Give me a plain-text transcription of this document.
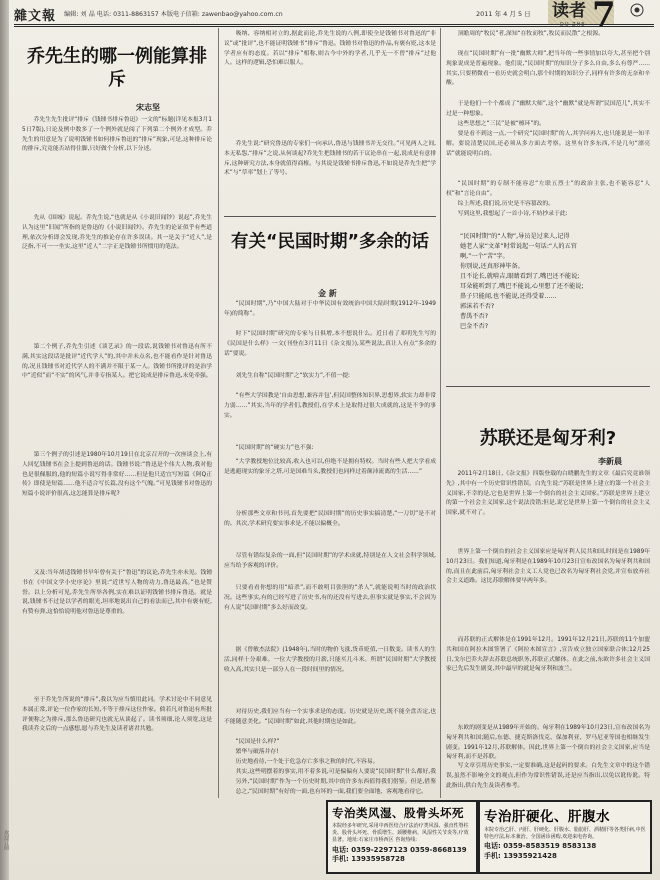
雜文報 编辑: 刘 晶 电话: 0311-8863157 本版电子信箱: zawenbao@yahoo.com.cn	2011 年 4 月 5 日 读者
DU ZHE 7
乔先生的哪一例能算排斥
宋志坚
乔先生先生批评“排斥《钱锺书排斥鲁迅》一文的”标题(详见本报3月15日7版),只论及例中数多了一个例外就是阅了下列第二个例外才成型。乔先生的用意是为了说明钱锺书如何排斥鲁迅的“排斥”现象,可是,这种排斥论的排斥,究竟能否站得住脚,只好做个分析,以下分述。
先从《围城》说起。乔先生说,“也就是从《小说旧闻钞》说起”,乔先生认为这里“旧闻”所指的是鲁迅的《小说旧闻钞》。乔先生的论证似乎有些道理,依次分析即会发现,乔先生的推论存在许多误读。其一是关于“近人”,是泛指,不可一一坐实,这里“近人”二字正是钱锺书所惯用的笔法。
第二个例子,乔先生引述《谈艺录》的一段话,说钱锺书对鲁迅有所不满,其实这段话是批评“近代学人”的,其中并未点名,也不能看作是针对鲁迅的,况且钱锺书对近代学人的不满并不限于某一人。钱锺书所批评的是治学中“近似”而“不实”的风气,并非专指某人。把它说成是排斥鲁迅,未免牵强。
第三个例子的引述是1980年10月19日在北京召开的一次座谈会上,有人回忆钱锺书在会上提到鲁迅的话。钱锺书说:“鲁迅是个伟大人物,我对他也是很佩服的,他的短篇小说写得非常好……但是他只适宜写短篇《阿Q正传》即使是短篇……他不适合写长篇,没有这个气魄。”可见钱锺书对鲁迅的短篇小说评价很高,这怎能算是排斥呢?
又及:当年胡适钱锺书早年曾有关于“鲁迅”的议论,乔先生亦未见。钱锺书在《中国文学小史序论》里说:“近世写人物的功力,鲁迅最高。”也是赞誉。以上分析可见,乔先生所举各例,实在难以证明钱锺书排斥鲁迅。就是说,钱锺书不过是以学者的眼光,坦率地说出自己的看法而已,其中有褒有贬,有赞有弹,这恰恰说明他对鲁迅是尊重的。
至于乔先生所说的“排斥”,我以为应当慎用此词。学术讨论中不同意见本属正常,评论一位作家的长短,不等于排斥这位作家。倘若凡对鲁迅有所批评便称之为排斥,那么鲁迅研究也就无从谈起了。读书须细,论人须宽,这是我读乔文后的一点感想,愿与乔先生及读者诸君共勉。
吸纳、容纳相对立的,据此而论,乔先生说的八例,即使全是钱锺书对鲁迅的“非议”或“批评”,也不能证明钱锺书“排斥”鲁迅。钱锺书对鲁迅的作品,有褒有贬,这本是学者应有的态度。若以“排斥”相称,则古今中外的学者,几乎无一不曾“排斥”过他人。这样的逻辑,恐怕难以服人。
乔先生说:“研究鲁迅的专家们一向承认,鲁迅与钱锺书并无交往。”可见两人之间,本无私怨,“排斥”之说,从何谈起?乔先生把钱锺书的若干议论串在一起,说成是有意排斥,这种研究方法,本身就值得商榷。与其说是钱锺书排斥鲁迅,不如说是乔先生把“学术”与“草率”划上了等号。
有关“民国时期”多余的话
金 新
“民国时期”,乃“中国大陆对于中华民国有效统治中国大陆时期(1912年-1949年)的简称”。
时下“民国时期”研究的专家与日俱增,本不想说什么。近日看了邓明先生写的《民国是什么样》一文(刊登在3月11日《杂文报》),某些说法,真让人有点“多余的话”要说。
刘先生自称“民国时期”之“软实力”,不值一提:
“有些大学国教是‘自由思想,兼容并包’,但民国整体知识界,思想界,软实力却非常力弱……”其实,当年的学者们,教授们,在学术上是取得过很大成就的,这是不争的事实。
“民国时期”的“硬实力”也不强:
“大学教授地位比较高,收入也可以,但绝不是拥有特权。当时有些人把大学看成是逃避现实的象牙之塔,可是国难当头,教授们也同样过着颠沛流离的生活……”
分析那些文章和书刊,首先要把“民国时期”的历史事实搞清楚,“一刀切”是不对的。其次,学术研究要实事求是,不能以偏概全。
尽管有错综复杂的一面,但“民国时期”的学术成就,特别是在人文社会科学领域,应当给予客观的评价。
只要看看你想的用“暗杀”,而不敢明目张胆的“杀人”,就能说明当时的政治状况。这些事实,有的已经写进了历史书,有的还没有写进去,但事实就是事实,不会因为有人说“民国时期”多么好而改变。
据《曾敏杰法院》(1948年),当时的物价飞涨,货币贬值,一日数变。读书人的生活,同样十分艰难。一位大学教授的月薪,只能买几斗米。所谓“民国时期”大学教授收入高,其实只是一部分人在一段时间里的情况。
对待历史,我们应当有一个实事求是的态度。历史就是历史,既不能全盘否定,也不能随意美化。“民国时期”如此,其他时期也是如此。
“民国是什么样?”
繁华与破落并存!
历史地看待,一个处于危急存亡多事之秋的时代,不容易。
其实,这些明摆着的事实,用不着多说,可是偏偏有人要说“民国时期”什么都好,我
另外,“民国时期”作为一个历史时期,其中的许多东西值得我们借鉴。但是,借鉴
总之,“民国时期”有好的一面,也有坏的一面,我们要全面地、客观地看待它。
顶瞻周的“牧民”者,深知“在牧而牧”,牧民而民散”之根源。
现在“民国时期”有一批“幽默大师”,把当年的一些事情加以夸大,甚至把个别现象说成是普遍现象。他们说,“民国时期”的知识分子多么自由,多么有尊严……其实,只要稍微看一看历史就会明白,那个时期的知识分子,同样有许多的无奈和辛酸。
于是他们一个个都成了“幽默大师”,这个“幽默”就是所谓“民国范儿”,其实不过是一种想象。
这些思想之“三民”是被“檩环”的。
要是看不到这一点,一个研究“民国时期”的人,其学问再大,也只能说是一知半解。要说清楚民国,还必须从多方面去考察。这里有许多东西,不是几句“漂亮话”就能说明白的。
“民国时期”的专制不能容忍“左联五烈士”的政治主张,也不能容忍“人权”和“言论自由”。
综上所述,我们说,历史是不容篡改的。
写到这里,我想起了一首小诗,不妨抄录于此:
“民国时期”的“人物”,导员是过来人,记得
她老人家“文革”时常说起一句话:“人的五官
啊,”一个“苦”字。
你别说,还真形神毕备。
且不论长,就啃吉,眼睛看到了,嘴巴还不能说;
耳朵能听到了,嘴巴不能说,心里想了还不能说;
鼻子只能闻,也不能说,还得受着……
郭沫若不否?
曹禺不否?
巴金不否?
苏联还是匈牙利?
李新晨
2011年2月18日,《杂文报》四版登载的白晓鹏先生的文章《最后究竟谁领先》,其中有一个历史常识性错误。白先生说:“苏联是世界上建立的第一个社会主义国家,不幸的是,它也是世界上第一个倒台的社会主义国家。”苏联是世界上建立的第一个社会主义国家,这个说法没错;但是,说它是世界上第一个倒台的社会主义国家,就不对了。
世界上第一个倒台的社会主义国家应是匈牙利人民共和国,时间是在1989年10月23日。我们知道,匈牙利是在1989年10月23日宣布改国名为匈牙利共和国的,而且在此前后,匈牙利社会主义工人党也已改名为匈牙利社会党,并宣布放弃社会主义道路。这比苏联解体要早两年多。
而苏联的正式解体是在1991年12月。1991年12月21日,苏联的11个加盟共和国在阿拉木图签署了《阿拉木图宣言》,宣告成立独立国家联合体;12月25日,戈尔巴乔夫辞去苏联总统职务,苏联正式解体。在此之前,东欧许多社会主义国家已先后发生剧变,其中最早的就是匈牙利和波兰。
东欧的剧变是从1989年开始的。匈牙利在1989年10月23日,宣布改国名为匈牙利共和国;随后,东德、捷克斯洛伐克、保加利亚、罗马尼亚等国也相继发生剧变。1991年12月,苏联解体。因此,世界上第一个倒台的社会主义国家,应当是匈牙利,而不是苏联。
写文章引用历史事实,一定要准确,这是起码的要求。白先生文章中的这个错误,虽然不影响全文的观点,但作为常识性错误,还是应当指出,以免以讹传讹。特此指出,供白先生及读者参考。
专治类风湿、股骨头坏死
本院经多年研究,采用中西医结合疗法治疗类风湿、强直性脊柱炎、股骨头坏死、骨质增生、颈腰椎病、风湿性关节炎等,疗效显著。地址:石家庄市桥西区 咨询热线:
电话: 0359-2297123 0359-8668139
手机: 13935958728
专治肝硬化、肝腹水
本院专治乙肝、丙肝、肝硬化、肝腹水、脂肪肝、酒精肝等各类肝病,中医特色疗法,标本兼治。全国函诊函购,欢迎来电咨询。
电话: 0359-8583519 8583138
手机: 13935921428
欢迎订阅
